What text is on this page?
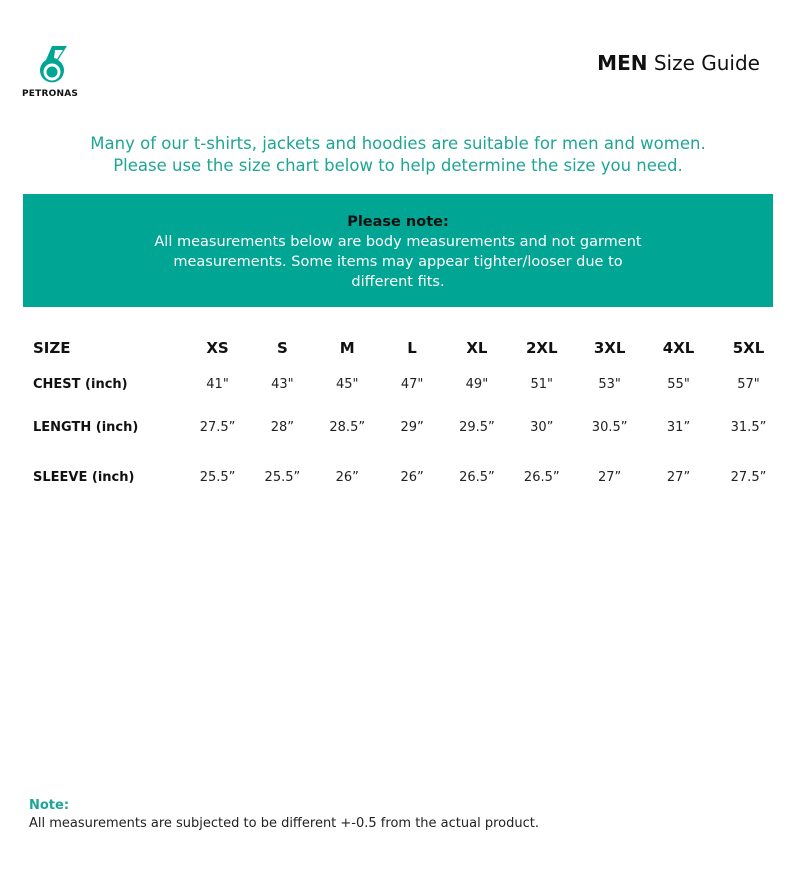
PETRONAS
MEN Size Guide
Many of our t-shirts, jackets and hoodies are suitable for men and women.
Please use the size chart below to help determine the size you need.
Please note:
All measurements below are body measurements and not garment
measurements. Some items may appear tighter/looser due to
different fits.
SIZE	XS	S	M	L	XL	2XL	3XL	4XL	5XL
CHEST (inch)	41"	43"	45"	47"	49"	51"	53"	55"	57"
LENGTH (inch)	27.5”	28”	28.5”	29”	29.5”	30”	30.5”	31”	31.5”
SLEEVE (inch)	25.5”	25.5”	26”	26”	26.5”	26.5”	27”	27”	27.5”
Note:
All measurements are subjected to be different +-0.5 from the actual product.
